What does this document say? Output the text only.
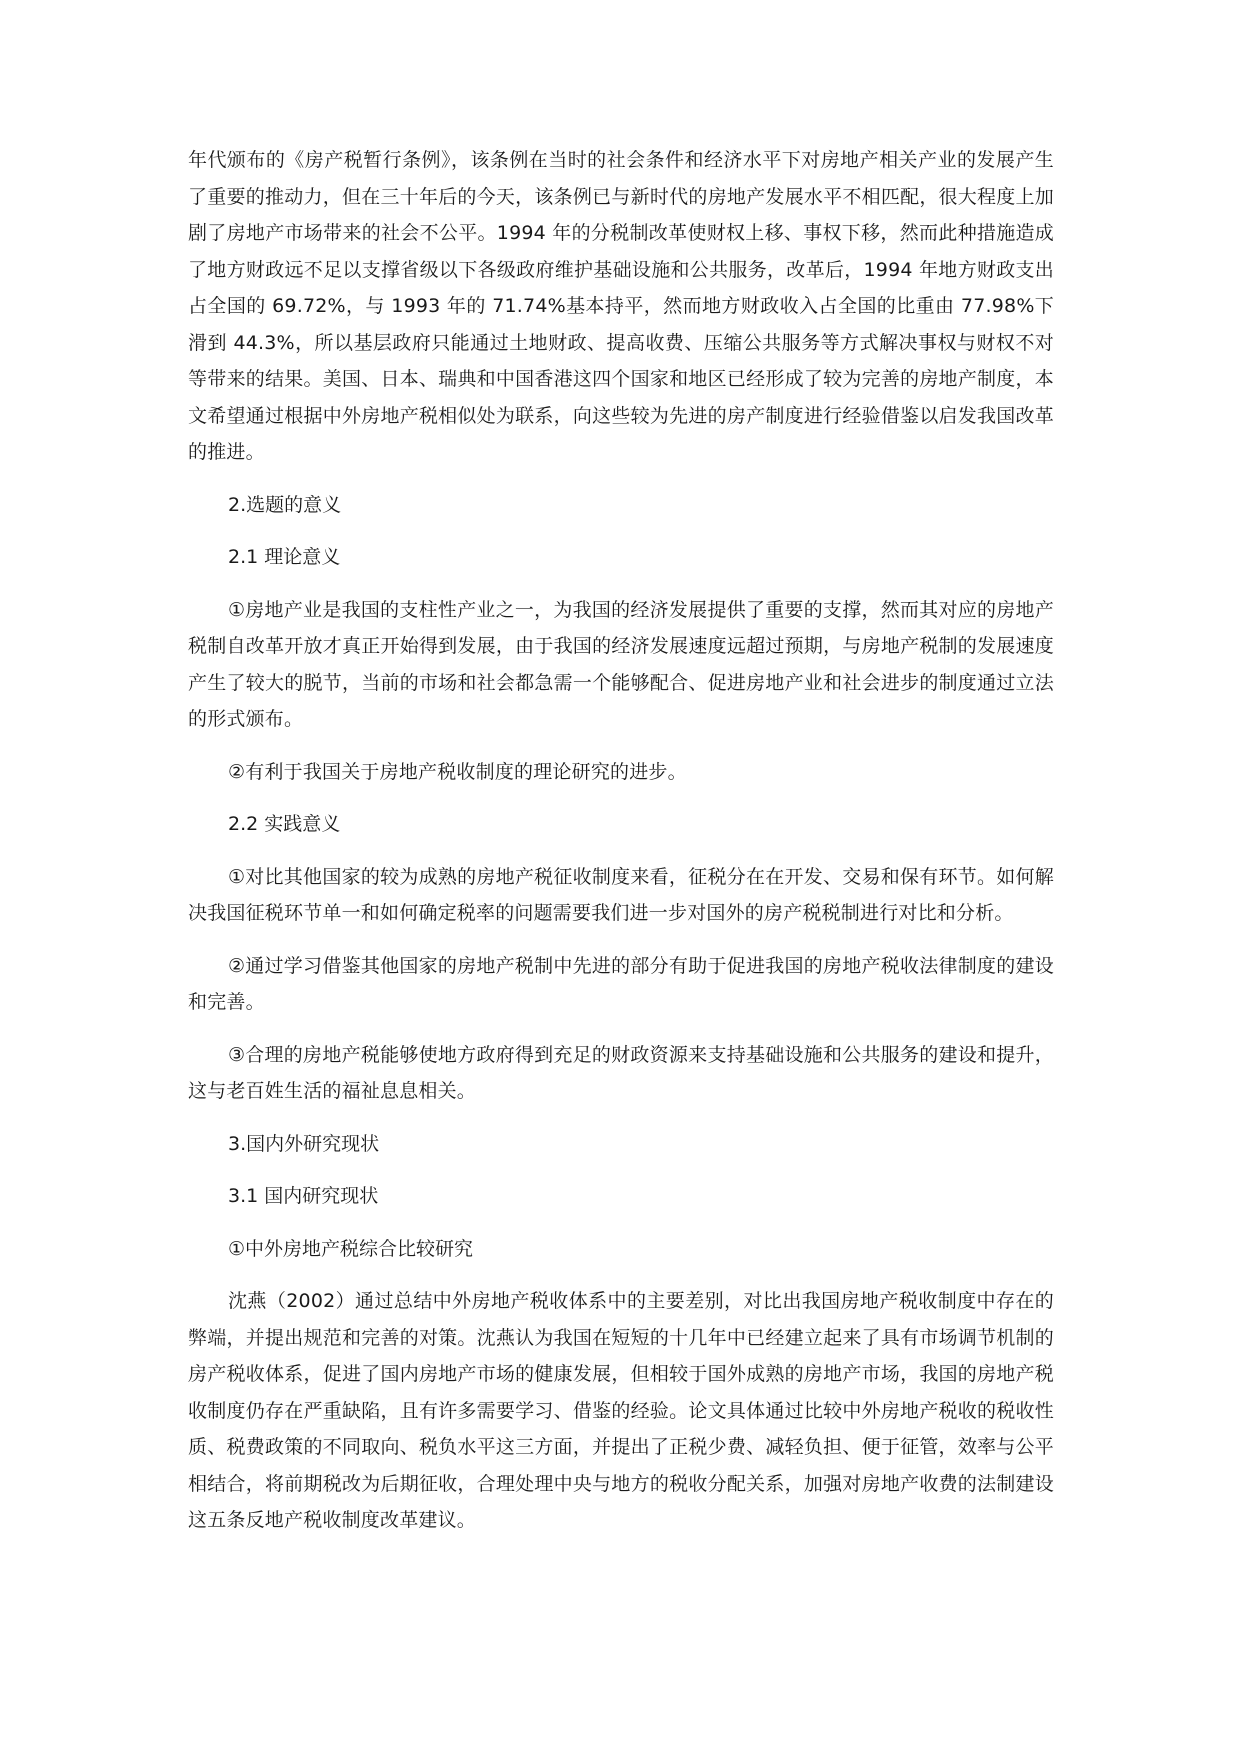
年代颁布的《房产税暂行条例》，该条例在当时的社会条件和经济水平下对房地产相关产业的发展产生了重要的推动力，但在三十年后的今天，该条例已与新时代的房地产发展水平不相匹配，很大程度上加剧了房地产市场带来的社会不公平。1994 年的分税制改革使财权上移、事权下移，然而此种措施造成了地方财政远不足以支撑省级以下各级政府维护基础设施和公共服务，改革后，1994 年地方财政支出占全国的 69.72%，与 1993 年的 71.74%基本持平，然而地方财政收入占全国的比重由 77.98%下滑到 44.3%，所以基层政府只能通过土地财政、提高收费、压缩公共服务等方式解决事权与财权不对等带来的结果。美国、日本、瑞典和中国香港这四个国家和地区已经形成了较为完善的房地产制度，本文希望通过根据中外房地产税相似处为联系，向这些较为先进的房产制度进行经验借鉴以启发我国改革的推进。

2.选题的意义

2.1 理论意义

①房地产业是我国的支柱性产业之一，为我国的经济发展提供了重要的支撑，然而其对应的房地产税制自改革开放才真正开始得到发展，由于我国的经济发展速度远超过预期，与房地产税制的发展速度产生了较大的脱节，当前的市场和社会都急需一个能够配合、促进房地产业和社会进步的制度通过立法的形式颁布。

②有利于我国关于房地产税收制度的理论研究的进步。

2.2 实践意义

①对比其他国家的较为成熟的房地产税征收制度来看，征税分在在开发、交易和保有环节。如何解决我国征税环节单一和如何确定税率的问题需要我们进一步对国外的房产税税制进行对比和分析。

②通过学习借鉴其他国家的房地产税制中先进的部分有助于促进我国的房地产税收法律制度的建设和完善。

③合理的房地产税能够使地方政府得到充足的财政资源来支持基础设施和公共服务的建设和提升，这与老百姓生活的福祉息息相关。

3.国内外研究现状

3.1 国内研究现状

①中外房地产税综合比较研究

沈燕（2002）通过总结中外房地产税收体系中的主要差别，对比出我国房地产税收制度中存在的弊端，并提出规范和完善的对策。沈燕认为我国在短短的十几年中已经建立起来了具有市场调节机制的房产税收体系，促进了国内房地产市场的健康发展，但相较于国外成熟的房地产市场，我国的房地产税收制度仍存在严重缺陷，且有许多需要学习、借鉴的经验。论文具体通过比较中外房地产税收的税收性质、税费政策的不同取向、税负水平这三方面，并提出了正税少费、减轻负担、便于征管，效率与公平相结合，将前期税改为后期征收，合理处理中央与地方的税收分配关系，加强对房地产收费的法制建设这五条反地产税收制度改革建议。
